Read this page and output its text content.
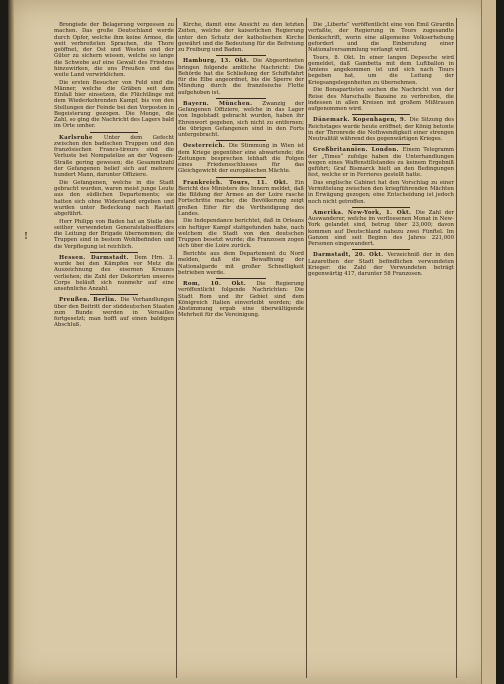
!

Brongisde der Belagerung vergessen zu machen. Das große Deutschland werde durch Opfer, welche ihm keine Armee, die weit verbreiteten Sprachen, die Thore geöffnet, der Ost und Westen und der Güter zu sichern wissen, welche so lange die Schwebe auf eine Gewalt des Friedens hinzuwirken, die uns Preußen und das weite Land verwirklichen.

Die ersten Besucher von Feld sind die Männer, welche die Gräben seit dem Einfall hier einsetzen, die Flüchtlinge mit dem Wiederkehrenden Kampf, bis von den Stellungen der Feinde bei den Vorposten in Begeisterung gezogen. Die Menge, die Zahl, so ging die Nachricht des Lagers bald im Orte umher.

Karlsruhe Unter dem Gefecht zwischen den badischen Truppen und den französischen Francs-tireurs sind die Verluste bei Nompatelize an der Vogesen-Straße gering gewesen; die Gesammtzahl der Gefangenen belief sich auf mehrere hundert Mann, darunter Offiziere.

Die Gefangenen, welche in die Stadt gebracht wurden, waren meist junge Leute aus den südlichen Departements; sie hatten sich ohne Widerstand ergeben und wurden unter Bedeckung nach Rastatt abgeführt.

Herr Philipp von Baden hat an Stelle des seither verwendeten Generalstabsoffiziers die Leitung der Brigade übernommen; die Truppen sind in bestem Wohlbefinden und die Verpflegung ist reichlich.

Hessen. Darmstadt. Dem Hrn. 3. wurde bei den Kämpfen vor Metz die Auszeichnung des eisernen Kreuzes verliehen; die Zahl der Dekorirten unseres Corps beläuft sich nunmehr auf eine ansehnliche Anzahl.

Preußen. Berlin. Die Verhandlungen über den Beitritt der süddeutschen Staaten zum Bunde werden in Versailles fortgesetzt; man hofft auf einen baldigen Abschluß.

Kirche, damit eine Ansicht zu den letzten Zeiten, welche der kaiserlichen Regierung unter den Schutz der katholischen Kirche gewährt und die Bedeutung für die Befreiung zu Freiburg und Baden.

Hamburg, 13. Okt. Die Abgeordneten bringen folgende amtliche Nachricht: Die Behörde hat die Schließung der Schiffsfahrt für die Elbe angeordnet, bis die Sperre der Mündung durch die französische Flotte aufgehoben ist.

Bayern. München. Zwanzig der Gefangenen Offiziere, welche in das Lager von Ingolstadt gebracht wurden, haben ihr Ehrenwort gegeben, sich nicht zu entfernen; die übrigen Gefangenen sind in den Forts untergebracht.

Oesterreich. Die Stimmung in Wien ist dem Kriege gegenüber eine abwartende; die Zeitungen besprechen lebhaft die Folgen eines Friedensschlusses für das Gleichgewicht der europäischen Mächte.

Frankreich. Tours, 11. Okt. Ein Bericht des Ministers des Innern meldet, daß die Bildung der Armee an der Loire rasche Fortschritte mache; die Bevölkerung zeigt großen Eifer für die Vertheidigung des Landes.

Die Independance berichtet, daß in Orleans ein heftiger Kampf stattgefunden habe, nach welchem die Stadt von den deutschen Truppen besetzt wurde; die Franzosen zogen sich über die Loire zurück.

Berichte aus dem Departement du Nord melden, daß die Bewaffnung der Nationalgarde mit großer Schnelligkeit betrieben werde.

Rom, 10. Okt. Die Regierung veröffentlicht folgende Nachrichten: Die Stadt Rom und ihr Gebiet sind dem Königreich Italien einverleibt worden; die Abstimmung ergab eine überwältigende Mehrheit für die Vereinigung.

Die „Liberte“ veröffentlicht eine von Emil Girardin verfaßte, der Regierung in Tours zugesandte Denkschrift, worin eine allgemeine Volkserhebung gefordert und die Einberufung einer Nationalversammlung verlangt wird.

Tours, 8. Okt. In einer langen Depesche wird gemeldet, daß Gambetta mit dem Luftballon in Amiens angekommen ist und sich nach Tours begeben hat, um die Leitung der Kriegsangelegenheiten zu übernehmen.

Die Bonapartisten suchen die Nachricht von der Reise des Marschalls Bazaine zu verbreiten, die indessen in allen Kreisen mit großem Mißtrauen aufgenommen wird.

Dänemark. Kopenhagen, 9. Die Sitzung des Reichstages wurde heute eröffnet; der König betonte in der Thronrede die Nothwendigkeit einer strengen Neutralität während des gegenwärtigen Krieges.

Großbritannien. London. Einem Telegramm der „Times“ zufolge haben die Unterhandlungen wegen eines Waffenstillstandes zu keinem Ergebniß geführt; Graf Bismarck hielt an den Bedingungen fest, welche er in Ferrieres gestellt hatte.

Das englische Cabinet hat den Vorschlag zu einer Vermittelung zwischen den kriegführenden Mächten in Erwägung gezogen; eine Entscheidung ist jedoch noch nicht getroffen.

Amerika. New-York, 1. Okt. Die Zahl der Auswanderer, welche im verflossenen Monat in New-York gelandet sind, betrug über 23,000; davon kommen auf Deutschland nahezu zwei Fünftel. Im Ganzen sind seit Beginn des Jahres 221,000 Personen eingewandert.

Darmstadt, 20. Okt. Verzeichniß der in den Lazarethen der Stadt befindlichen verwundeten Krieger: die Zahl der Verwundeten beträgt gegenwärtig 417, darunter 58 Franzosen.
